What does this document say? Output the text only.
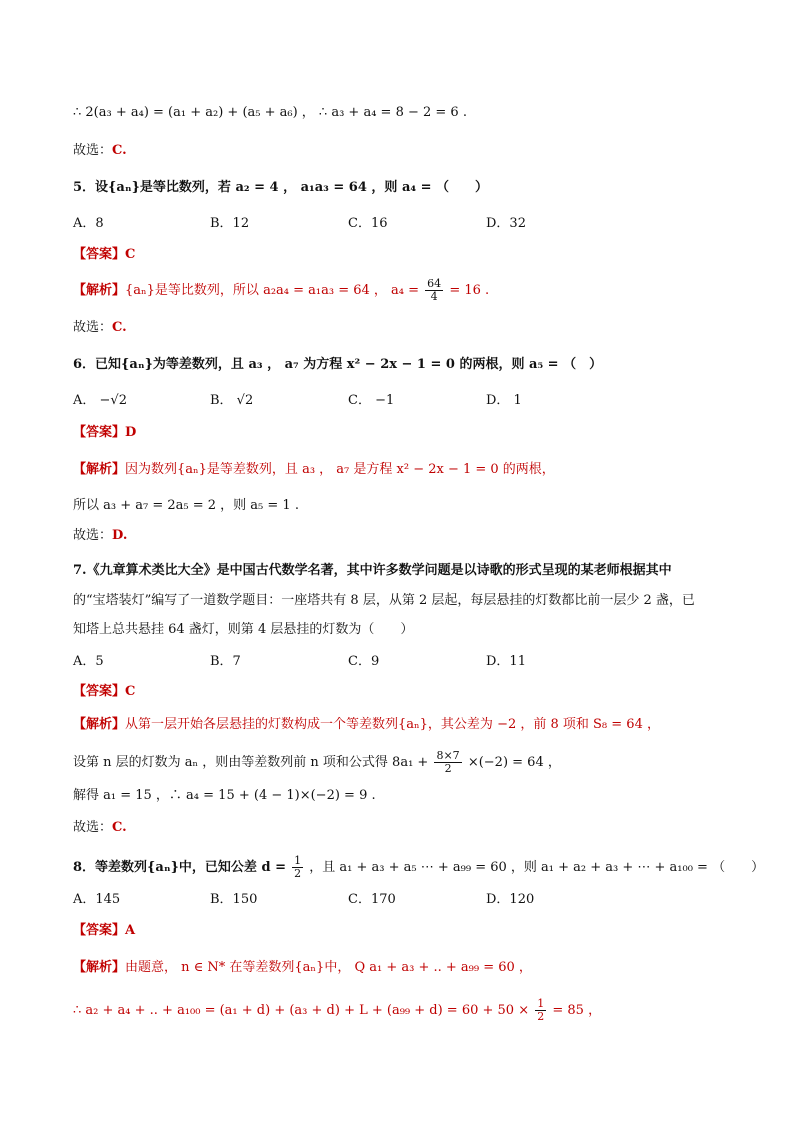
∴ 2(a₃ + a₄) = (a₁ + a₂) + (a₅ + a₆) ， ∴ a₃ + a₄ = 8 − 2 = 6 .
故选：C.
5．设{aₙ}是等比数列，若 a₂ = 4 ， a₁a₃ = 64 ，则 a₄ = （　　）
A．8	B．12	C．16	D．32
【答案】C
【解析】{aₙ}是等比数列，所以 a₂a₄ = a₁a₃ = 64 ， $a_4 = \frac{64}{4} = 16$ .
故选：C.
6．已知{aₙ}为等差数列，且 a₃ ， a₇ 为方程 x² − 2x − 1 = 0 的两根，则 a₅ = （　）
A． −√2	B． √2	C． −1	D． 1
【答案】D
【解析】因为数列{aₙ}是等差数列，且 a₃ ， a₇ 是方程 x² − 2x − 1 = 0 的两根，
所以 a₃ + a₇ = 2a₅ = 2 ，则 a₅ = 1 .
故选：D.
7.《九章算术类比大全》是中国古代数学名著，其中许多数学问题是以诗歌的形式呈现的某老师根据其中
的“宝塔装灯”编写了一道数学题目：一座塔共有 8 层，从第 2 层起，每层悬挂的灯数都比前一层少 2 盏，已
知塔上总共悬挂 64 盏灯，则第 4 层悬挂的灯数为（　　）
A．5	B．7	C．9	D．11
【答案】C
【解析】从第一层开始各层悬挂的灯数构成一个等差数列{aₙ}，其公差为 −2 ，前 8 项和 S₈ = 64 ，
设第 n 层的灯数为 aₙ ，则由等差数列前 n 项和公式得 $8a_1 + \frac{8\times 7}{2} \times(-2) = 64$ ，
解得 a₁ = 15 ，∴ a₄ = 15 + (4 − 1)×(−2) = 9 .
故选：C.
8．等差数列{aₙ}中，已知公差 $d = \frac{1}{2}$ ，且 a₁ + a₃ + a₅ ⋯ + a₉₉ = 60 ，则 a₁ + a₂ + a₃ + ⋯ + a₁₀₀ = （　　）
A．145	B．150	C．170	D．120
【答案】A
【解析】由题意， n ∈ N* 在等差数列{aₙ}中， Q a₁ + a₃ + .. + a₉₉ = 60 ，
∴ a₂ + a₄ + .. + $a_{100} = (a_1 + d) + (a_3 + d) + L + (a_{99} + d) = 60 + 50 \times \frac{1}{2} = 85$ ，
